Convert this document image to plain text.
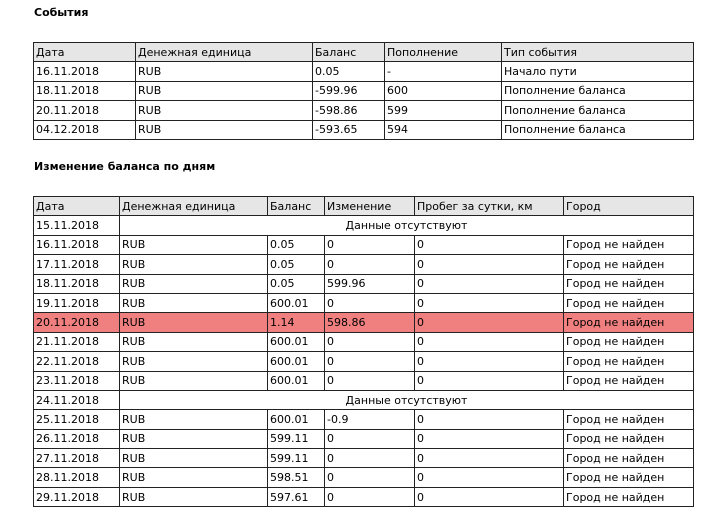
События
Дата	Денежная единица	Баланс	Пополнение	Тип события
16.11.2018	RUB	0.05	-	Начало пути
18.11.2018	RUB	-599.96	600	Пополнение баланса
20.11.2018	RUB	-598.86	599	Пополнение баланса
04.12.2018	RUB	-593.65	594	Пополнение баланса
Изменение баланса по дням
Дата	Денежная единица	Баланс	Изменение	Пробег за сутки, км	Город
15.11.2018	Данные отсутствуют				
16.11.2018	RUB	0.05	0	0	Город не найден
17.11.2018	RUB	0.05	0	0	Город не найден
18.11.2018	RUB	0.05	599.96	0	Город не найден
19.11.2018	RUB	600.01	0	0	Город не найден
20.11.2018	RUB	1.14	598.86	0	Город не найден
21.11.2018	RUB	600.01	0	0	Город не найден
22.11.2018	RUB	600.01	0	0	Город не найден
23.11.2018	RUB	600.01	0	0	Город не найден
24.11.2018	Данные отсутствуют				
25.11.2018	RUB	600.01	-0.9	0	Город не найден
26.11.2018	RUB	599.11	0	0	Город не найден
27.11.2018	RUB	599.11	0	0	Город не найден
28.11.2018	RUB	598.51	0	0	Город не найден
29.11.2018	RUB	597.61	0	0	Город не найден
